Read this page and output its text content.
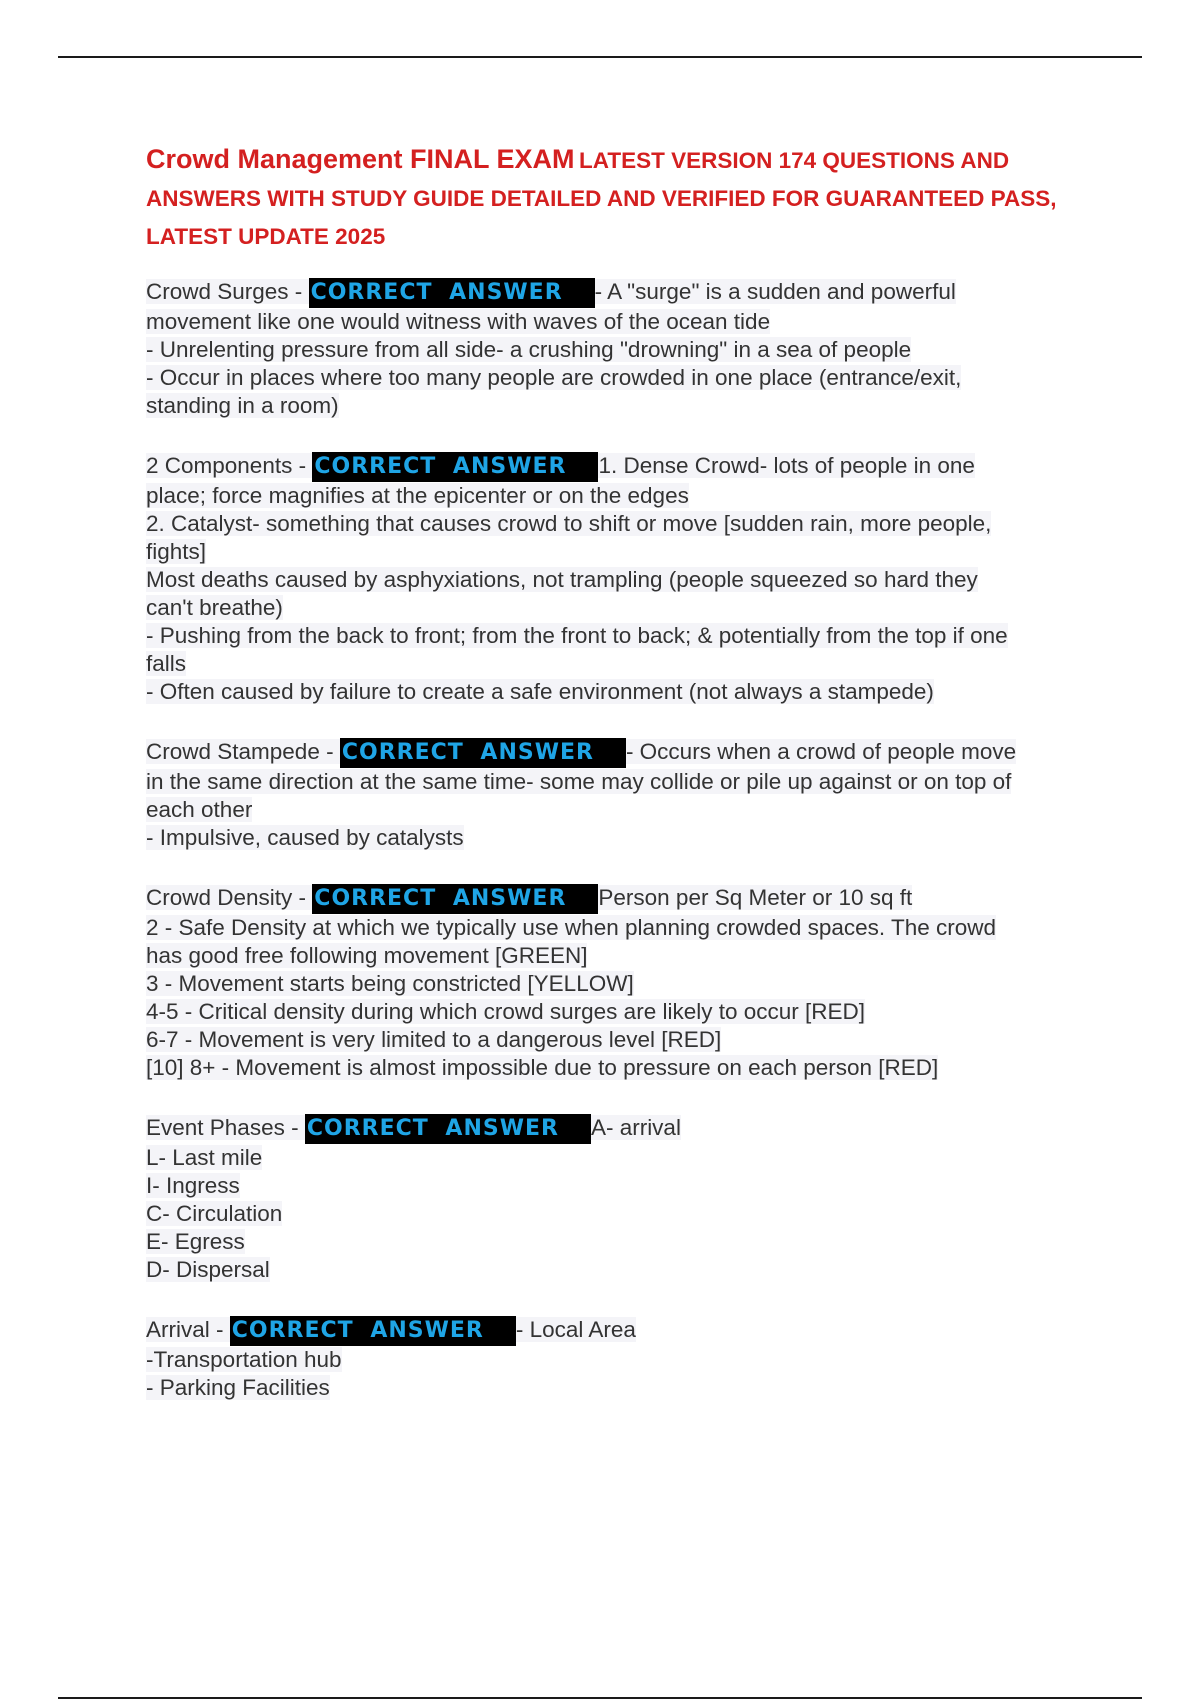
Crowd Management FINAL EXAM LATEST VERSION 174 QUESTIONS AND ANSWERS WITH STUDY GUIDE DETAILED AND VERIFIED FOR GUARANTEED PASS, LATEST UPDATE 2025
Crowd Surges - CORRECT ANSWER - A "surge" is a sudden and powerful
movement like one would witness with waves of the ocean tide
- Unrelenting pressure from all side- a crushing "drowning" in a sea of people
- Occur in places where too many people are crowded in one place (entrance/exit,
standing in a room)
2 Components - CORRECT ANSWER 1. Dense Crowd- lots of people in one
place; force magnifies at the epicenter or on the edges
2. Catalyst- something that causes crowd to shift or move [sudden rain, more people,
fights]
Most deaths caused by asphyxiations, not trampling (people squeezed so hard they
can't breathe)
- Pushing from the back to front; from the front to back; & potentially from the top if one
falls
- Often caused by failure to create a safe environment (not always a stampede)
Crowd Stampede - CORRECT ANSWER - Occurs when a crowd of people move
in the same direction at the same time- some may collide or pile up against or on top of
each other
- Impulsive, caused by catalysts
Crowd Density - CORRECT ANSWER Person per Sq Meter or 10 sq ft
2 - Safe Density at which we typically use when planning crowded spaces. The crowd
has good free following movement [GREEN]
3 - Movement starts being constricted [YELLOW]
4-5 - Critical density during which crowd surges are likely to occur [RED]
6-7 - Movement is very limited to a dangerous level [RED]
[10] 8+ - Movement is almost impossible due to pressure on each person [RED]
Event Phases - CORRECT ANSWER A- arrival
L- Last mile
I- Ingress
C- Circulation
E- Egress
D- Dispersal
Arrival - CORRECT ANSWER - Local Area
-Transportation hub
- Parking Facilities
